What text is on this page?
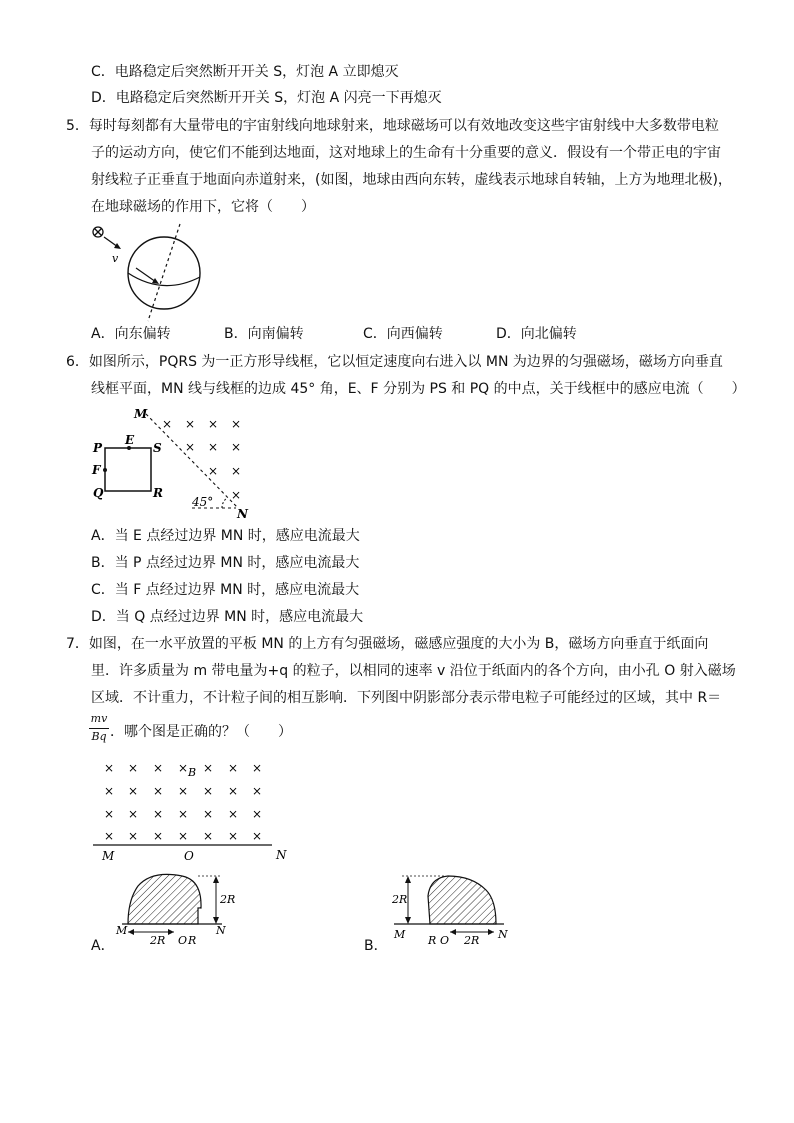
C．电路稳定后突然断开开关 S，灯泡 A 立即熄灭
D．电路稳定后突然断开开关 S，灯泡 A 闪亮一下再熄灭
5．每时每刻都有大量带电的宇宙射线向地球射来，地球磁场可以有效地改变这些宇宙射线中大多数带电粒
子的运动方向，使它们不能到达地面，这对地球上的生命有十分重要的意义．假设有一个带正电的宇宙
射线粒子正垂直于地面向赤道射来，(如图，地球由西向东转，虚线表示地球自转轴，上方为地理北极)，
在地球磁场的作用下，它将（　　）
v
A．向东偏转	B．向南偏转	C．向西偏转	D．向北偏转
6．如图所示，PQRS 为一正方形导线框，它以恒定速度向右进入以 MN 为边界的匀强磁场，磁场方向垂直
线框平面，MN 线与线框的边成 45° 角，E、F 分别为 PS 和 PQ 的中点，关于线框中的感应电流（　　）
45°
M
N
P
Q	R
S
E
F
× × × ×
× × ×
× ×
×
A．当 E 点经过边界 MN 时，感应电流最大
B．当 P 点经过边界 MN 时，感应电流最大
C．当 F 点经过边界 MN 时，感应电流最大
D．当 Q 点经过边界 MN 时，感应电流最大
7．如图，在一水平放置的平板 MN 的上方有匀强磁场，磁感应强度的大小为 B，磁场方向垂直于纸面向
里．许多质量为 m 带电量为+q 的粒子，以相同的速率 v 沿位于纸面内的各个方向，由小孔 O 射入磁场
区域．不计重力，不计粒子间的相互影响．下列图中阴影部分表示带电粒子可能经过的区域，其中 R＝
mv
Bq ．哪个图是正确的？（　　）
× × × × × × ×
× × × × × × ×
× × × × × × ×
× × × × × × ×
B
M	O	N
2R
2R
M
O R
N
A．
2R
M R O 2R N
B．
